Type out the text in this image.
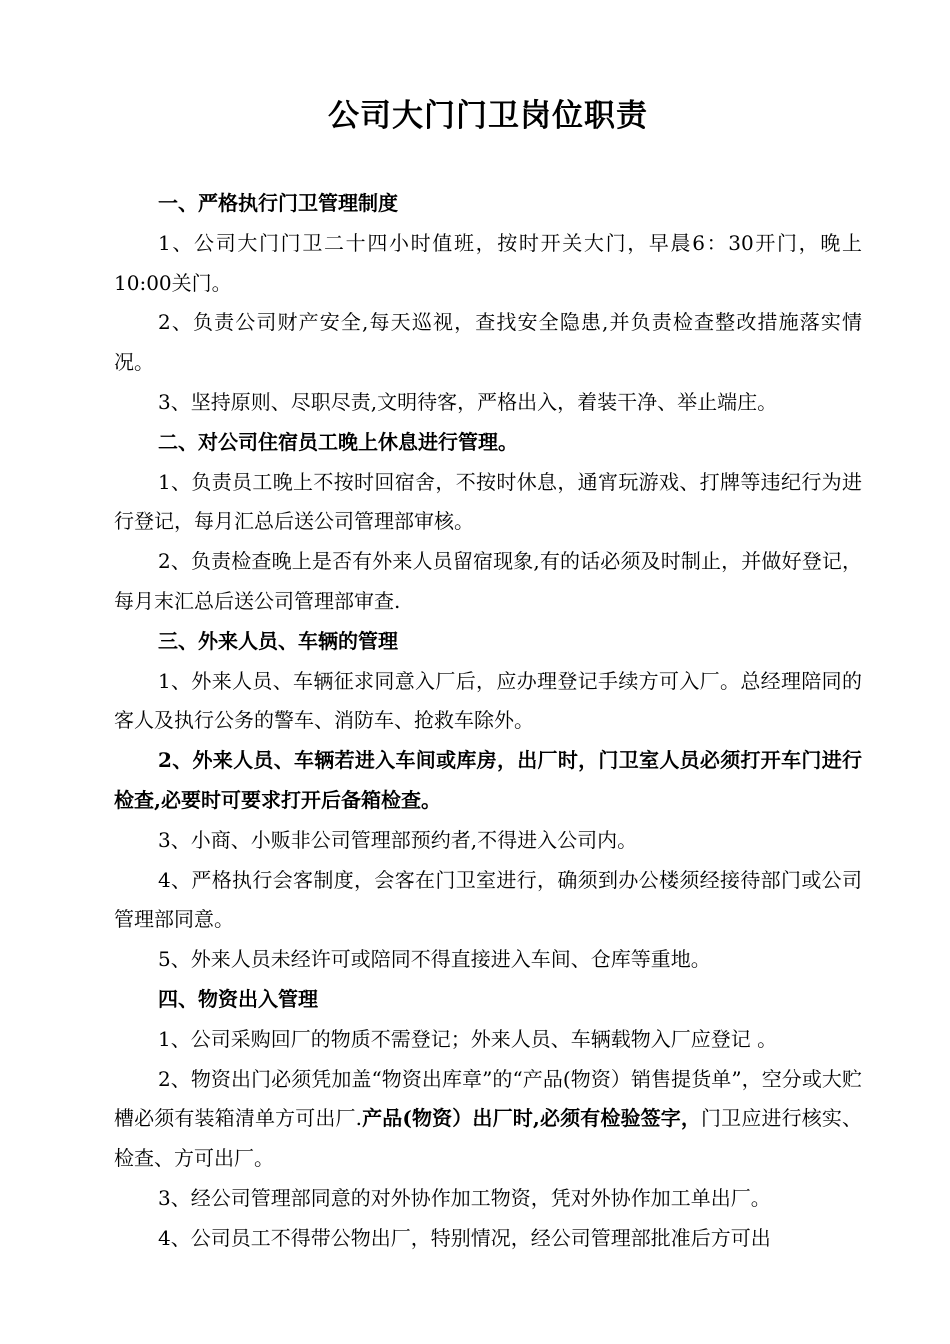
公司大门门卫岗位职责

一、严格执行门卫管理制度

1、公司大门门卫二十四小时值班，按时开关大门，早晨6：30开门，晚上10:00关门。

2、负责公司财产安全,每天巡视，查找安全隐患,并负责检查整改措施落实情况。

3、坚持原则、尽职尽责,文明待客，严格出入，着装干净、举止端庄。

二、对公司住宿员工晚上休息进行管理。

1、负责员工晚上不按时回宿舍，不按时休息，通宵玩游戏、打牌等违纪行为进行登记，每月汇总后送公司管理部审核。

2、负责检查晚上是否有外来人员留宿现象,有的话必须及时制止，并做好登记，每月末汇总后送公司管理部审查.

三、外来人员、车辆的管理

1、外来人员、车辆征求同意入厂后，应办理登记手续方可入厂。总经理陪同的客人及执行公务的警车、消防车、抢救车除外。

2、外来人员、车辆若进入车间或库房，出厂时，门卫室人员必须打开车门进行检查,必要时可要求打开后备箱检查。

3、小商、小贩非公司管理部预约者,不得进入公司内。

4、严格执行会客制度，会客在门卫室进行，确须到办公楼须经接待部门或公司管理部同意。

5、外来人员未经许可或陪同不得直接进入车间、仓库等重地。

四、物资出入管理

1、公司采购回厂的物质不需登记；外来人员、车辆载物入厂应登记 。

2、物资出门必须凭加盖“物资出库章”的“产品(物资）销售提货单”，空分或大贮槽必须有装箱清单方可出厂.产品(物资）出厂时,必须有检验签字，门卫应进行核实、检查、方可出厂。

3、经公司管理部同意的对外协作加工物资，凭对外协作加工单出厂。

4、公司员工不得带公物出厂，特别情况，经公司管理部批准后方可出
